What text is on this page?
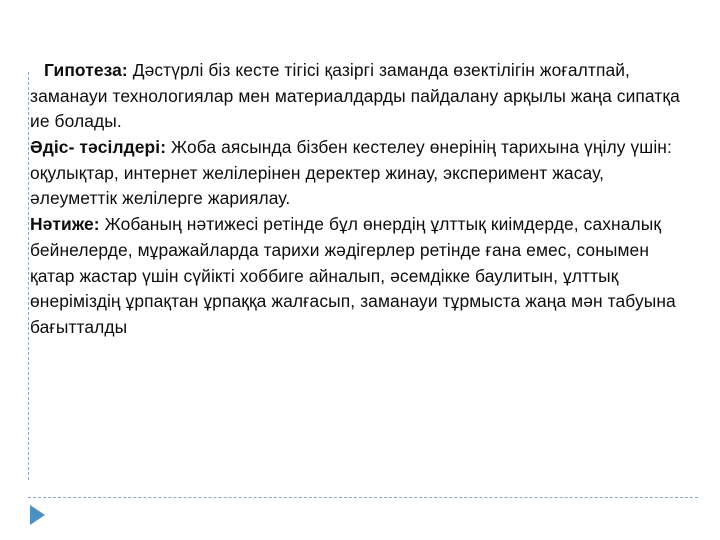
Гипотеза: Дәстүрлі біз кесте тігісі қазіргі заманда өзектілігін жоғалтпай, заманауи технологиялар мен материалдарды пайдалану арқылы жаңа сипатқа ие болады.

Әдіс- тәсілдері: Жоба аясында бізбен кестелеу өнерінің тарихына үңілу үшін: оқулықтар, интернет желілерінен деректер жинау, эксперимент жасау, әлеуметтік желілерге жариялау.

Нәтиже: Жобаның нәтижесі ретінде бұл өнердің ұлттық киімдерде, сахналық бейнелерде, мұражайларда тарихи жәдігерлер ретінде ғана емес, сонымен қатар жастар үшін сүйікті хоббиге айналып, әсемдікке баулитын, ұлттық өнеріміздің ұрпақтан ұрпаққа жалғасып, заманауи тұрмыста жаңа мән табуына бағытталды
